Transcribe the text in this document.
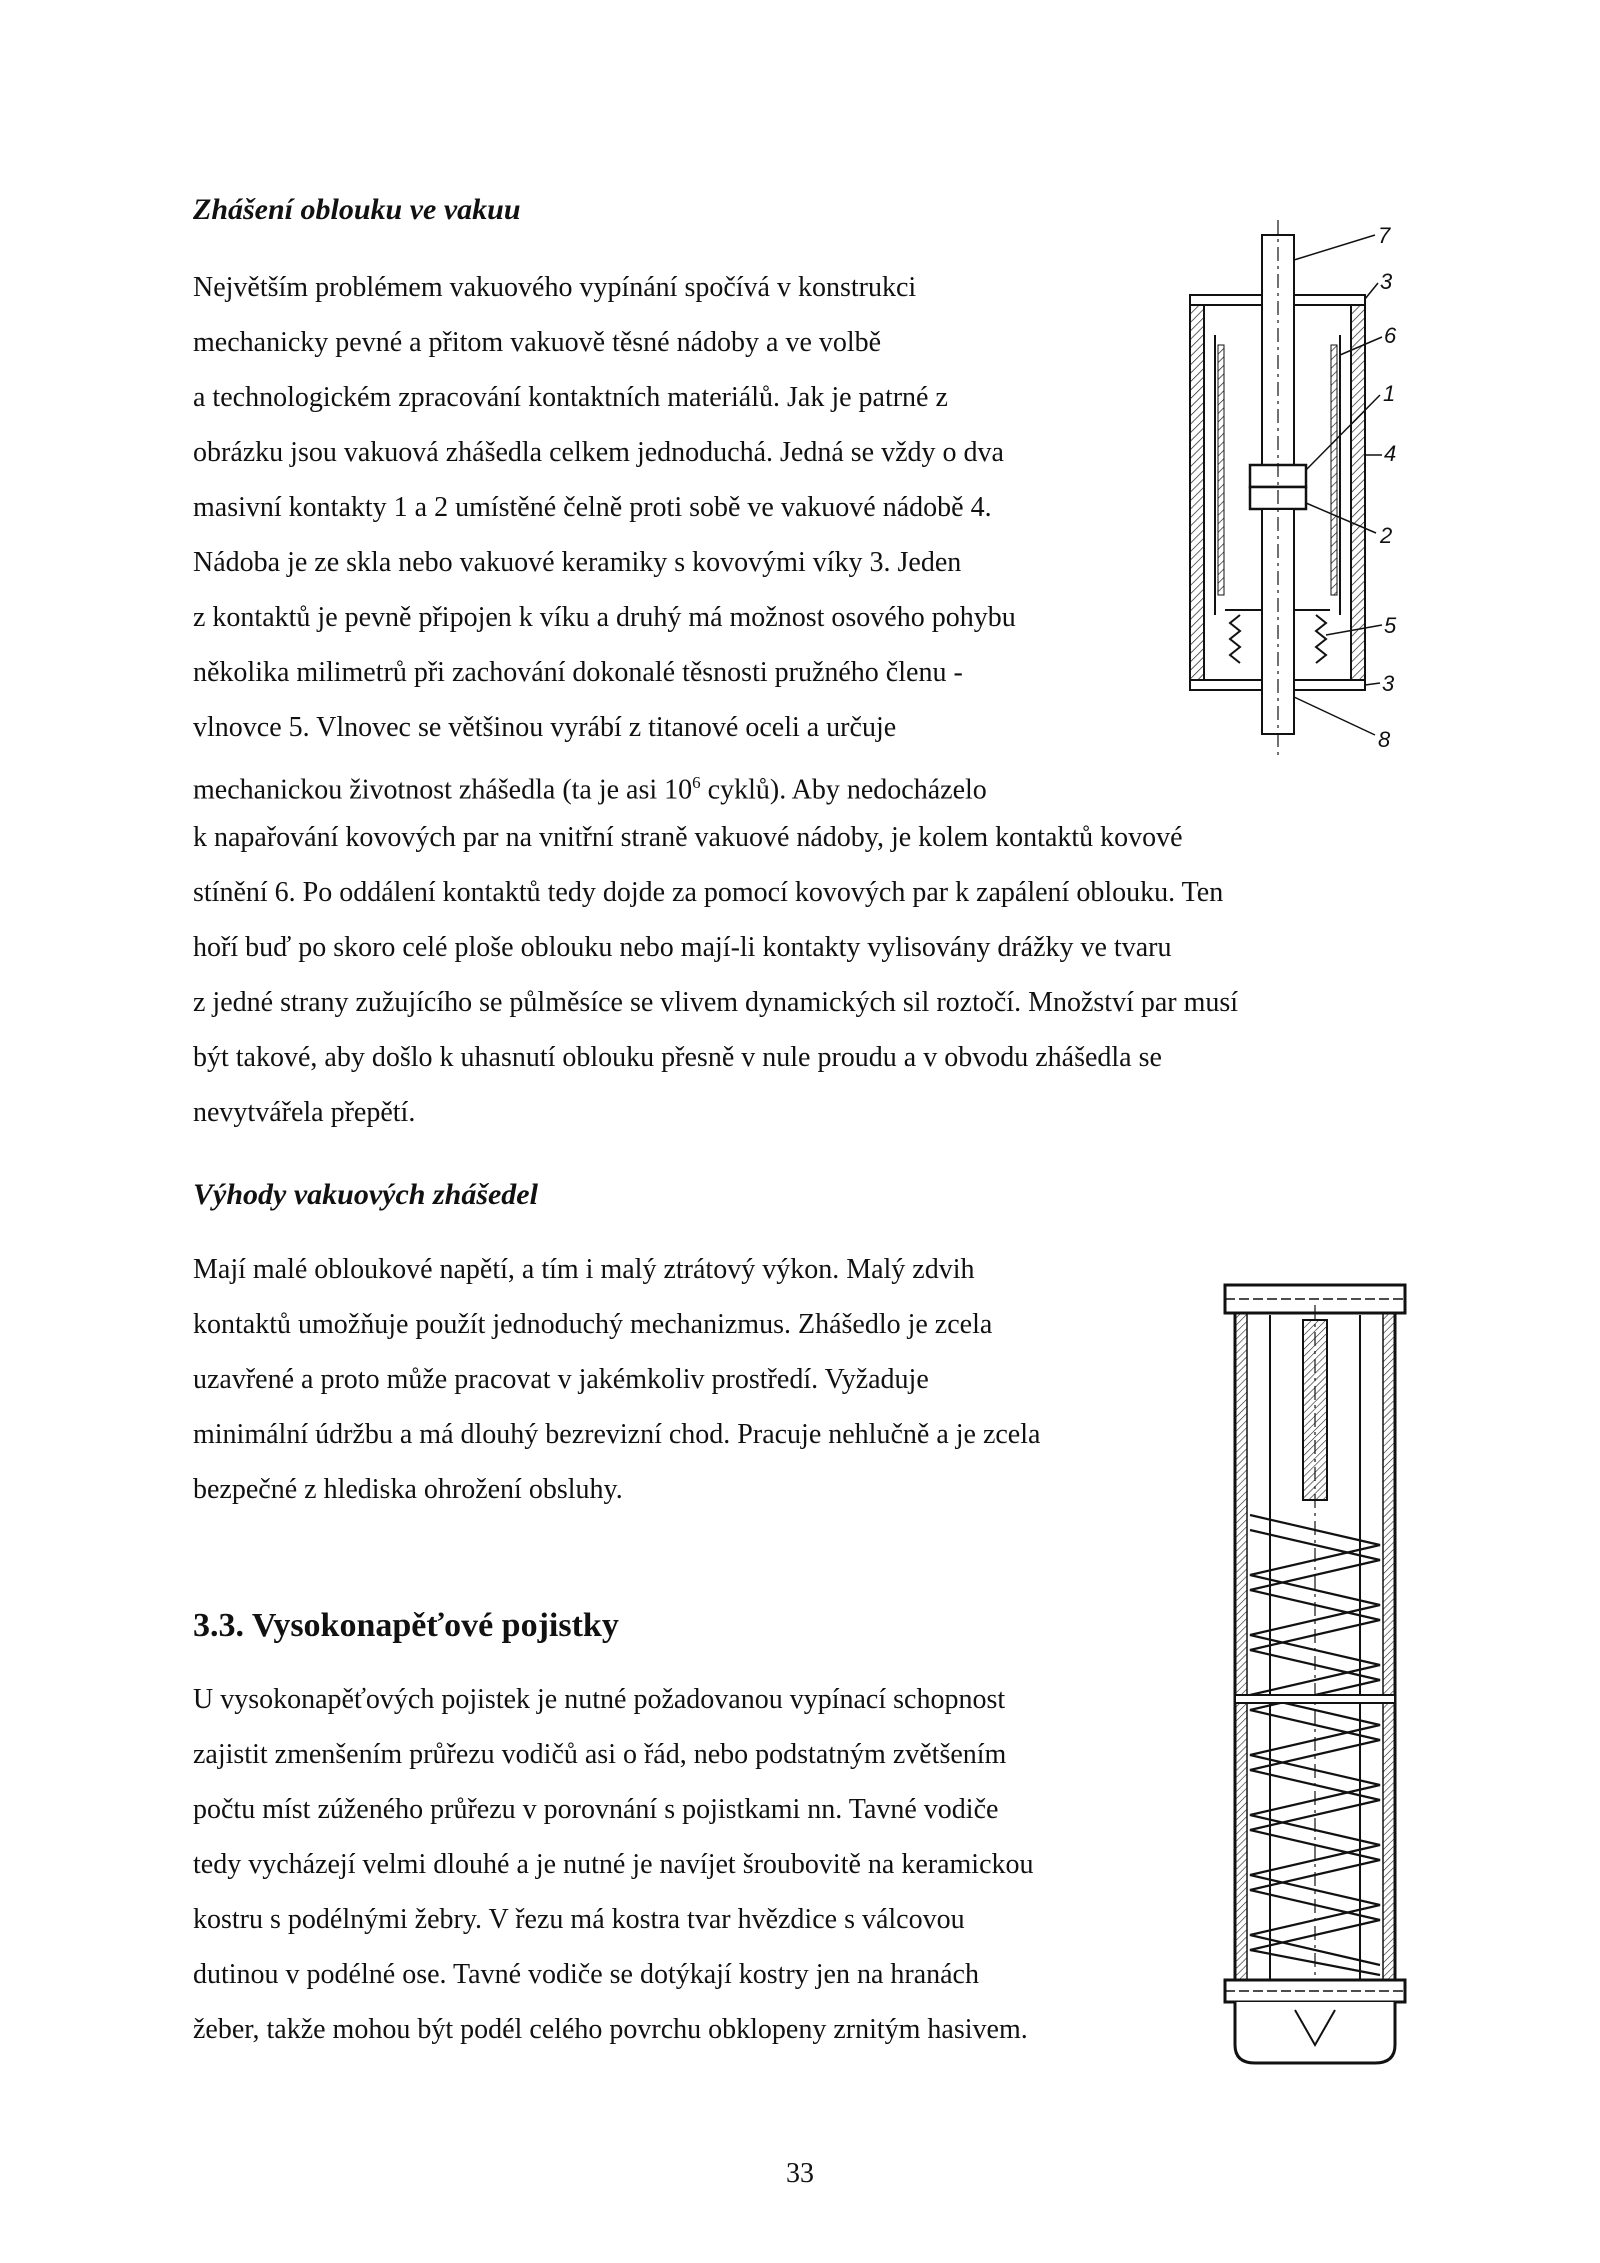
Zhášení oblouku ve vakuu
Největším problémem vakuového vypínání spočívá v konstrukci
mechanicky pevné a přitom vakuově těsné nádoby a ve volbě
a technologickém zpracování kontaktních materiálů. Jak je patrné z
obrázku jsou vakuová zhášedla celkem jednoduchá. Jedná se vždy o dva
masivní kontakty 1 a 2 umístěné čelně proti sobě ve vakuové nádobě 4.
Nádoba je ze skla nebo vakuové keramiky s kovovými víky 3. Jeden
z kontaktů je pevně připojen k víku a druhý má možnost osového pohybu
několika milimetrů při zachování dokonalé těsnosti pružného členu -
vlnovce 5. Vlnovec se většinou vyrábí z titanové oceli a určuje
mechanickou životnost zhášedla (ta je asi $10^6$ cyklů). Aby nedocházelo
k napařování kovových par na vnitřní straně vakuové nádoby, je kolem kontaktů kovové
stínění 6. Po oddálení kontaktů tedy dojde za pomocí kovových par k zapálení oblouku. Ten
hoří buď po skoro celé ploše oblouku nebo mají-li kontakty vylisovány drážky ve tvaru
z jedné strany zužujícího se půlměsíce se vlivem dynamických sil roztočí. Množství par musí
být takové, aby došlo k uhasnutí oblouku přesně v nule proudu a v obvodu zhášedla se
nevytvářela přepětí.
7
3
6
1
4
2
5
3
8
Výhody vakuových zhášedel
Mají malé obloukové napětí, a tím i malý ztrátový výkon. Malý zdvih
kontaktů umožňuje použít jednoduchý mechanizmus. Zhášedlo je zcela
uzavřené a proto může pracovat v jakémkoliv prostředí. Vyžaduje
minimální údržbu a má dlouhý bezrevizní chod. Pracuje nehlučně a je zcela
bezpečné z hlediska ohrožení obsluhy.
3.3. Vysokonapěťové pojistky
U vysokonapěťových pojistek je nutné požadovanou vypínací schopnost
zajistit zmenšením průřezu vodičů asi o řád, nebo podstatným zvětšením
počtu míst zúženého průřezu v porovnání s pojistkami nn. Tavné vodiče
tedy vycházejí velmi dlouhé a je nutné je navíjet šroubovitě na keramickou
kostru s podélnými žebry. V řezu má kostra tvar hvězdice s válcovou
dutinou v podélné ose. Tavné vodiče se dotýkají kostry jen na hranách
žeber, takže mohou být podél celého povrchu obklopeny zrnitým hasivem.
33
